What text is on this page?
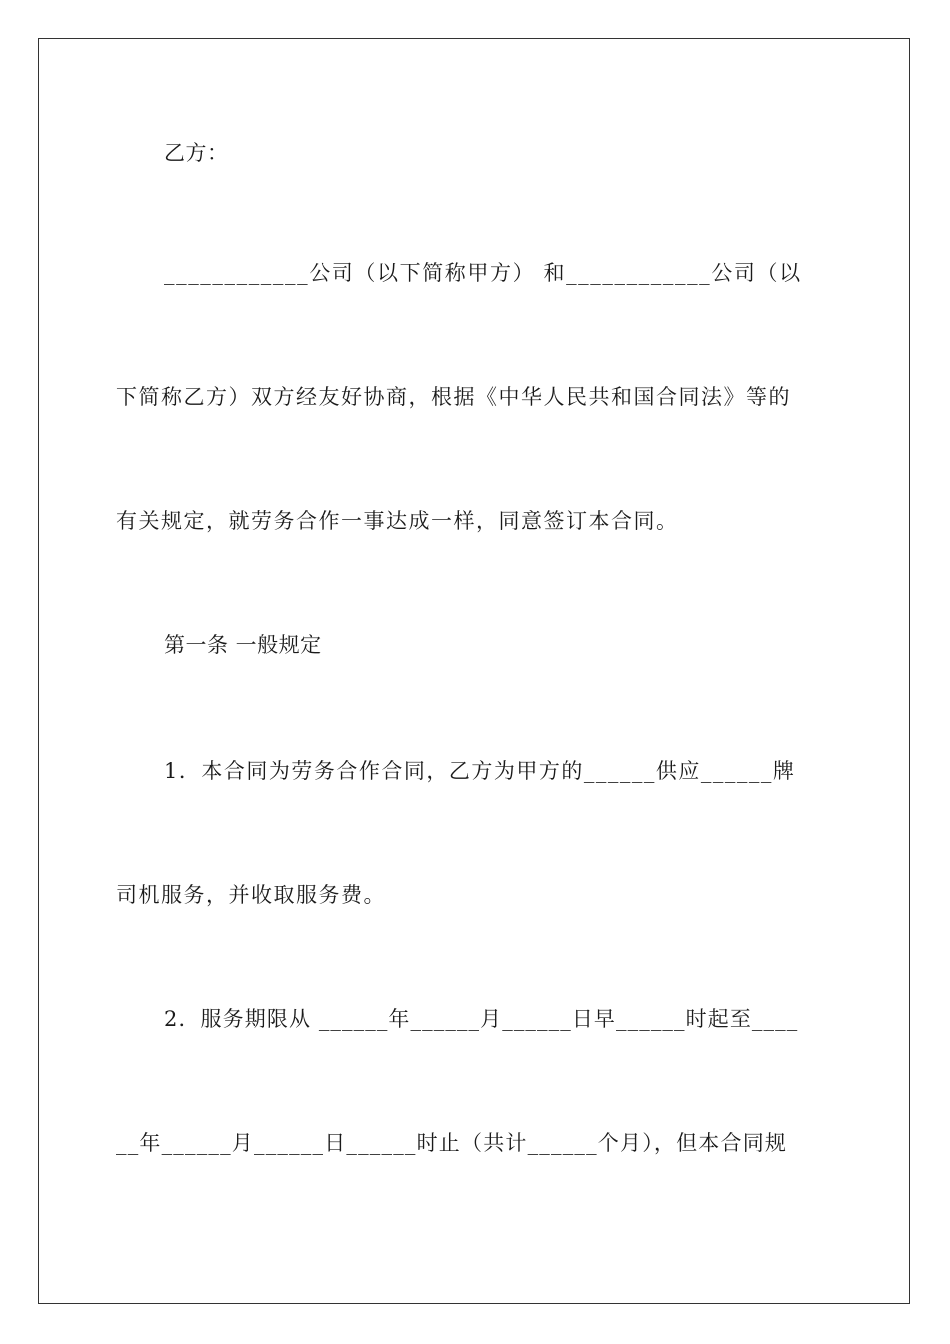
乙方：
____________公司（以下简称甲方） 和____________公司（以
下简称乙方）双方经友好协商，根据《中华人民共和国合同法》等的
有关规定，就劳务合作一事达成一样，同意签订本合同。
第一条 一般规定
1．本合同为劳务合作合同，乙方为甲方的______供应______牌
司机服务，并收取服务费。
2．服务期限从 ______年______月______日早______时起至____
__年______月______日______时止（共计______个月），但本合同规
